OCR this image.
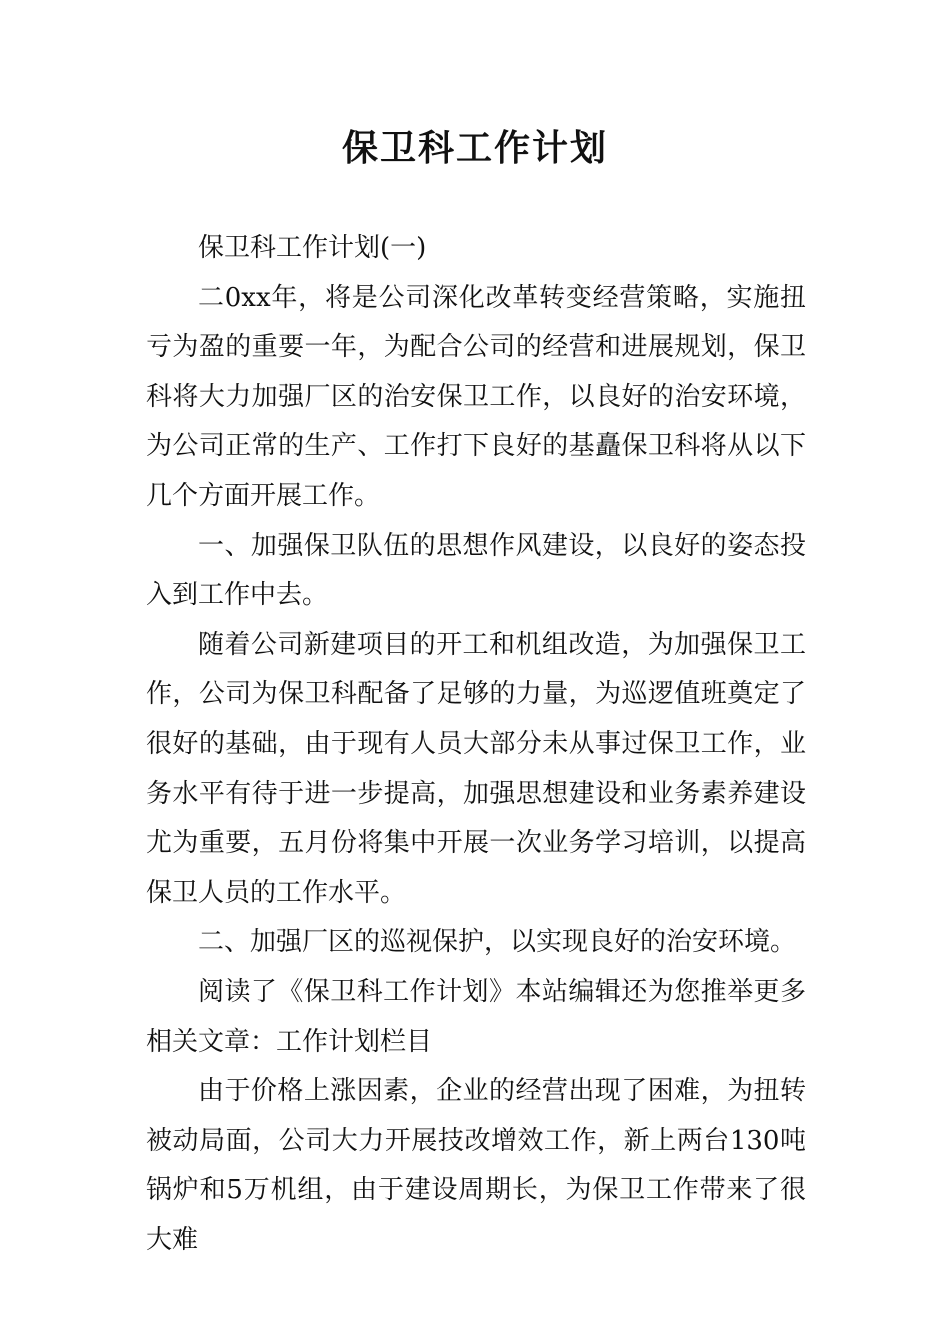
保卫科工作计划

保卫科工作计划(一)

二0xx年，将是公司深化改革转变经营策略，实施扭亏为盈的重要一年，为配合公司的经营和进展规划，保卫科将大力加强厂区的治安保卫工作，以良好的治安环境，为公司正常的生产、工作打下良好的基矗保卫科将从以下几个方面开展工作。

一、加强保卫队伍的思想作风建设，以良好的姿态投入到工作中去。

随着公司新建项目的开工和机组改造，为加强保卫工作，公司为保卫科配备了足够的力量，为巡逻值班奠定了很好的基础，由于现有人员大部分未从事过保卫工作，业务水平有待于进一步提高，加强思想建设和业务素养建设尤为重要，五月份将集中开展一次业务学习培训，以提高保卫人员的工作水平。

二、加强厂区的巡视保护，以实现良好的治安环境。

阅读了《保卫科工作计划》本站编辑还为您推举更多相关文章：工作计划栏目

由于价格上涨因素，企业的经营出现了困难，为扭转被动局面，公司大力开展技改增效工作，新上两台130吨锅炉和5万机组，由于建设周期长，为保卫工作带来了很大难
